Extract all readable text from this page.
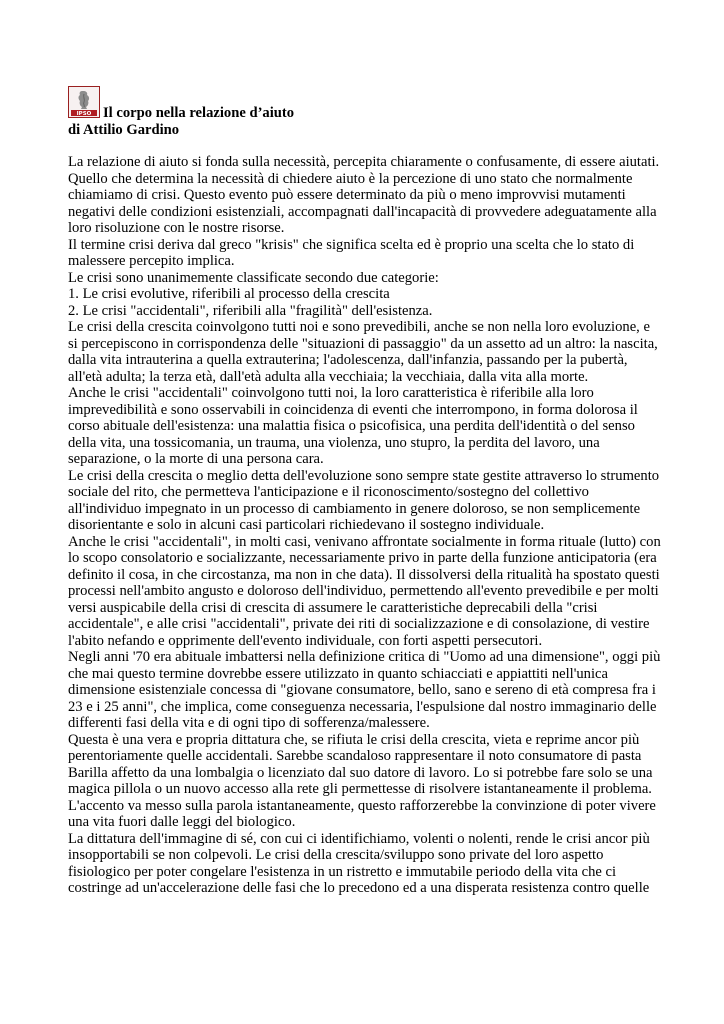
IPSO Il corpo nella relazione d’aiuto
di Attilio Gardino

La relazione di aiuto si fonda sulla necessità, percepita chiaramente o confusamente, di essere aiutati.

Quello che determina la necessità di chiedere aiuto è la percezione di uno stato che normalmente chiamiamo di crisi. Questo evento può essere determinato da più o meno improvvisi mutamenti negativi delle condizioni esistenziali, accompagnati dall'incapacità di provvedere adeguatamente alla loro risoluzione con le nostre risorse.

Il termine crisi deriva dal greco "krisis" che significa scelta ed è proprio una scelta che lo stato di malessere percepito implica.

Le crisi sono unanimemente classificate secondo due categorie:

1. Le crisi evolutive, riferibili al processo della crescita

2. Le crisi "accidentali", riferibili alla "fragilità" dell'esistenza.

Le crisi della crescita coinvolgono tutti noi e sono prevedibili, anche se non nella loro evoluzione, e si percepiscono in corrispondenza delle "situazioni di passaggio" da un assetto ad un altro: la nascita, dalla vita intrauterina a quella extrauterina; l'adolescenza, dall'infanzia, passando per la pubertà, all'età adulta; la terza età, dall'età adulta alla vecchiaia; la vecchiaia, dalla vita alla morte.

Anche le crisi "accidentali" coinvolgono tutti noi, la loro caratteristica è riferibile alla loro imprevedibilità e sono osservabili in coincidenza di eventi che interrompono, in forma dolorosa il corso abituale dell'esistenza: una malattia fisica o psicofisica, una perdita dell'identità o del senso della vita, una tossicomania, un trauma, una violenza, uno stupro, la perdita del lavoro, una separazione, o la morte di una persona cara.

Le crisi della crescita o meglio detta dell'evoluzione sono sempre state gestite attraverso lo strumento sociale del rito, che permetteva l'anticipazione e il riconoscimento/sostegno del collettivo all'individuo impegnato in un processo di cambiamento in genere doloroso, se non semplicemente disorientante e solo in alcuni casi particolari richiedevano il sostegno individuale.

Anche le crisi "accidentali", in molti casi, venivano affrontate socialmente in forma rituale (lutto) con lo scopo consolatorio e socializzante, necessariamente privo in parte della funzione anticipatoria (era definito il cosa, in che circostanza, ma non in che data). Il dissolversi della ritualità ha spostato questi processi nell'ambito angusto e doloroso dell'individuo, permettendo all'evento prevedibile e per molti versi auspicabile della crisi di crescita di assumere le caratteristiche deprecabili della "crisi accidentale", e alle crisi "accidentali", private dei riti di socializzazione e di consolazione, di vestire l'abito nefando e opprimente dell'evento individuale, con forti aspetti persecutori.

Negli anni '70 era abituale imbattersi nella definizione critica di "Uomo ad una dimensione", oggi più che mai questo termine dovrebbe essere utilizzato in quanto schiacciati e appiattiti nell'unica dimensione esistenziale concessa di "giovane consumatore, bello, sano e sereno di età compresa fra i 23 e i 25 anni", che implica, come conseguenza necessaria, l'espulsione dal nostro immaginario delle differenti fasi della vita e di ogni tipo di sofferenza/malessere.

Questa è una vera e propria dittatura che, se rifiuta le crisi della crescita, vieta e reprime ancor più perentoriamente quelle accidentali. Sarebbe scandaloso rappresentare il noto consumatore di pasta Barilla affetto da una lombalgia o licenziato dal suo datore di lavoro. Lo si potrebbe fare solo se una magica pillola o un nuovo accesso alla rete gli permettesse di risolvere istantaneamente il problema. L'accento va messo sulla parola istantaneamente, questo rafforzerebbe la convinzione di poter vivere una vita fuori dalle leggi del biologico.

La dittatura dell'immagine di sé, con cui ci identifichiamo, volenti o nolenti, rende le crisi ancor più insopportabili se non colpevoli. Le crisi della crescita/sviluppo sono private del loro aspetto fisiologico per poter congelare l'esistenza in un ristretto e immutabile periodo della vita che ci costringe ad un'accelerazione delle fasi che lo precedono ed a una disperata resistenza contro quelle
